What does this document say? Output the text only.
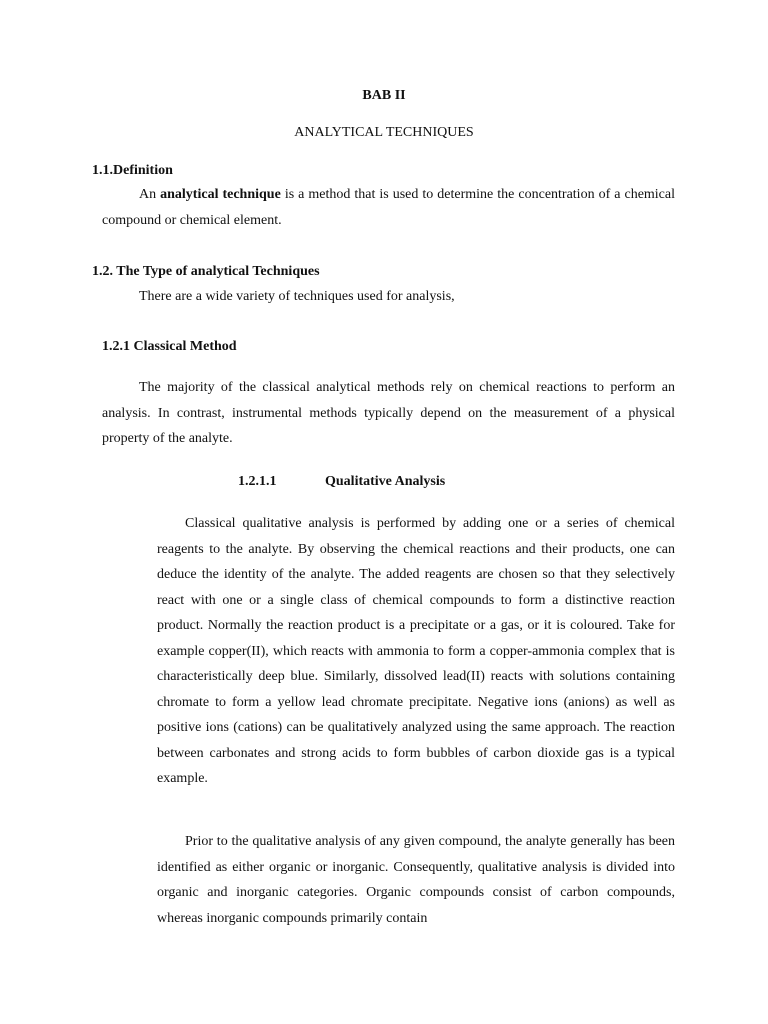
BAB II
ANALYTICAL TECHNIQUES
1.1.Definition

An analytical technique is a method that is used to determine the concentration of a chemical compound or chemical element.

1.2. The Type of analytical Techniques
There are a wide variety of techniques used for analysis,
1.2.1 Classical Method

The majority of the classical analytical methods rely on chemical reactions to perform an analysis. In contrast, instrumental methods typically depend on the measurement of a physical property of the analyte.

1.2.1.1	Qualitative Analysis

Classical qualitative analysis is performed by adding one or a series of chemical reagents to the analyte. By observing the chemical reactions and their products, one can deduce the identity of the analyte. The added reagents are chosen so that they selectively react with one or a single class of chemical compounds to form a distinctive reaction product. Normally the reaction product is a precipitate or a gas, or it is coloured. Take for example copper(II), which reacts with ammonia to form a copper-ammonia complex that is characteristically deep blue. Similarly, dissolved lead(II) reacts with solutions containing chromate to form a yellow lead chromate precipitate. Negative ions (anions) as well as positive ions (cations) can be qualitatively analyzed using the same approach. The reaction between carbonates and strong acids to form bubbles of carbon dioxide gas is a typical example.

Prior to the qualitative analysis of any given compound, the analyte generally has been identified as either organic or inorganic. Consequently, qualitative analysis is divided into organic and inorganic categories. Organic compounds consist of carbon compounds, whereas inorganic compounds primarily contain
